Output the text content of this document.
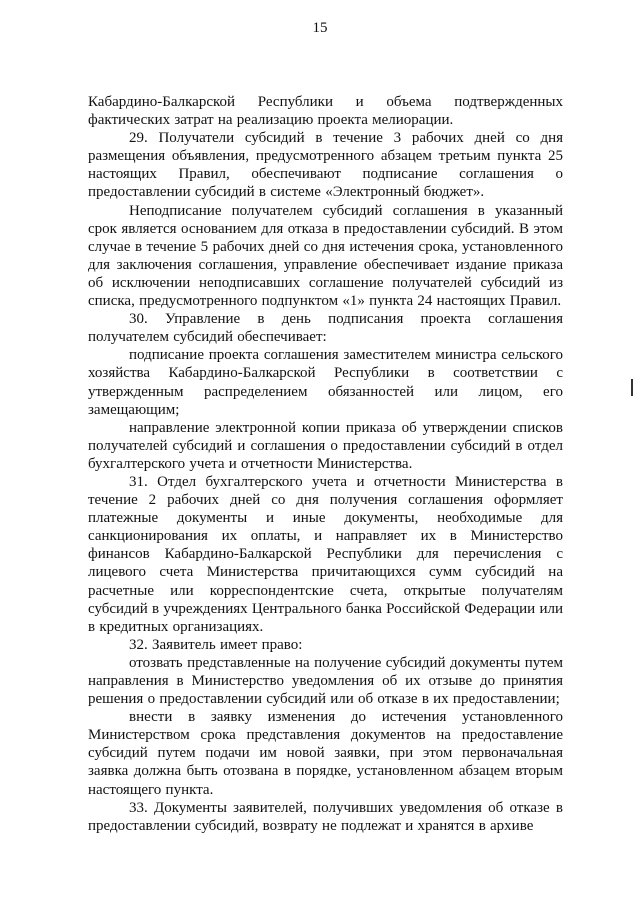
15

Кабардино-Балкарской Республики и объема подтвержденных фактических затрат на реализацию проекта мелиорации.

29. Получатели субсидий в течение 3 рабочих дней со дня размещения объявления, предусмотренного абзацем третьим пункта 25 настоящих Правил, обеспечивают подписание соглашения о предоставлении субсидий в системе «Электронный бюджет».

Неподписание получателем субсидий соглашения в указанный срок является основанием для отказа в предоставлении субсидий. В этом случае в течение 5 рабочих дней со дня истечения срока, установленного для заключения соглашения, управление обеспечивает издание приказа об исключении неподписавших соглашение получателей субсидий из списка, предусмотренного подпунктом «1» пункта 24 настоящих Правил.

30. Управление в день подписания проекта соглашения получателем субсидий обеспечивает:

подписание проекта соглашения заместителем министра сельского хозяйства Кабардино-Балкарской Республики в соответствии с утвержденным распределением обязанностей или лицом, его замещающим;

направление электронной копии приказа об утверждении списков получателей субсидий и соглашения о предоставлении субсидий в отдел бухгалтерского учета и отчетности Министерства.

31. Отдел бухгалтерского учета и отчетности Министерства в течение 2 рабочих дней со дня получения соглашения оформляет платежные документы и иные документы, необходимые для санкционирования их оплаты, и направляет их в Министерство финансов Кабардино-Балкарской Республики для перечисления с лицевого счета Министерства причитающихся сумм субсидий на расчетные или корреспондентские счета, открытые получателям субсидий в учреждениях Центрального банка Российской Федерации или в кредитных организациях.

32. Заявитель имеет право:

отозвать представленные на получение субсидий документы путем направления в Министерство уведомления об их отзыве до принятия решения о предоставлении субсидий или об отказе в их предоставлении;

внести в заявку изменения до истечения установленного Министерством срока представления документов на предоставление субсидий путем подачи им новой заявки, при этом первоначальная заявка должна быть отозвана в порядке, установленном абзацем вторым настоящего пункта.

33. Документы заявителей, получивших уведомления об отказе в предоставлении субсидий, возврату не подлежат и хранятся в архиве
